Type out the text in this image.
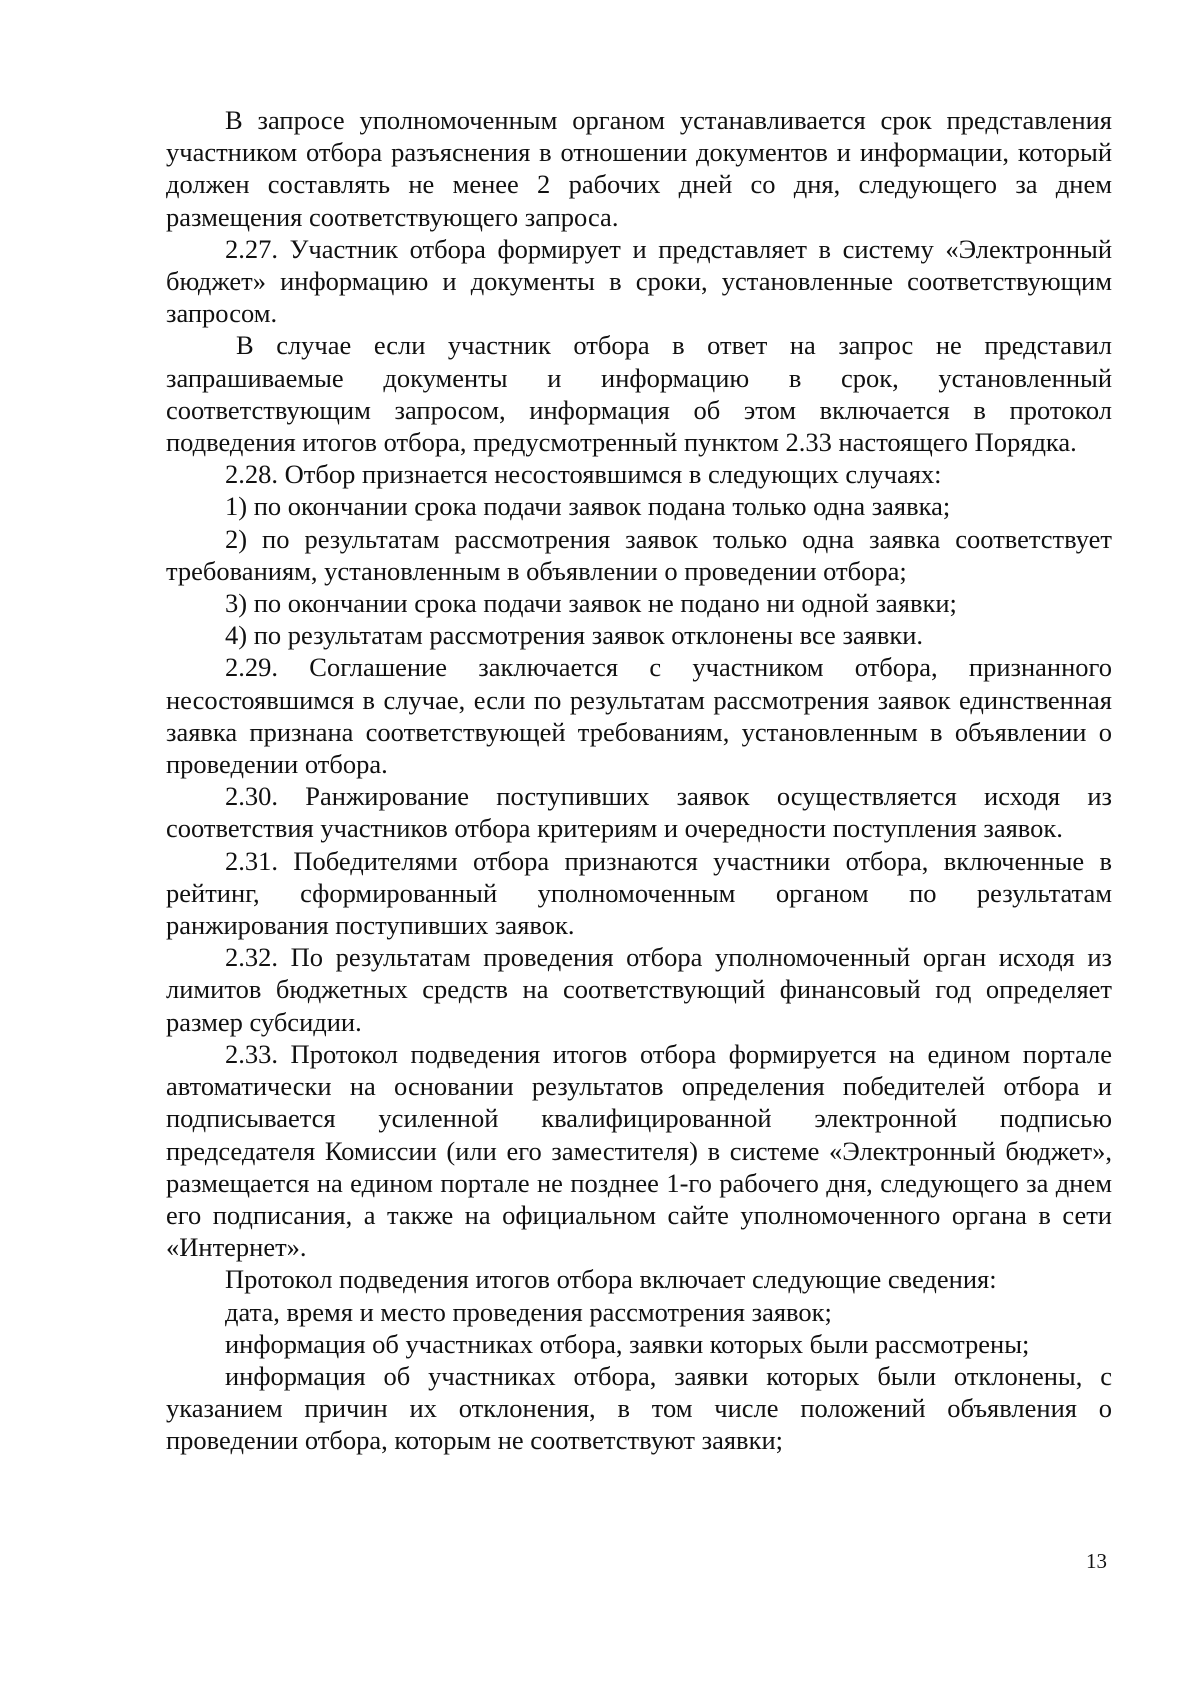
В запросе уполномоченным органом устанавливается срок представления участником отбора разъяснения в отношении документов и информации, который должен составлять не менее 2 рабочих дней со дня, следующего за днем размещения соответствующего запроса.

2.27. Участник отбора формирует и представляет в систему «Электронный бюджет» информацию и документы в сроки, установленные соответствующим запросом.

В случае если участник отбора в ответ на запрос не представил запрашиваемые документы и информацию в срок, установленный соответствующим запросом, информация об этом включается в протокол подведения итогов отбора, предусмотренный пунктом 2.33 настоящего Порядка.

2.28. Отбор признается несостоявшимся в следующих случаях:

1) по окончании срока подачи заявок подана только одна заявка;

2) по результатам рассмотрения заявок только одна заявка соответствует требованиям, установленным в объявлении о проведении отбора;

3) по окончании срока подачи заявок не подано ни одной заявки;

4) по результатам рассмотрения заявок отклонены все заявки.

2.29. Соглашение заключается с участником отбора, признанного несостоявшимся в случае, если по результатам рассмотрения заявок единственная заявка признана соответствующей требованиям, установленным в объявлении о проведении отбора.

2.30. Ранжирование поступивших заявок осуществляется исходя из соответствия участников отбора критериям и очередности поступления заявок.

2.31. Победителями отбора признаются участники отбора, включенные в рейтинг, сформированный уполномоченным органом по результатам ранжирования поступивших заявок.

2.32. По результатам проведения отбора уполномоченный орган исходя из лимитов бюджетных средств на соответствующий финансовый год определяет размер субсидии.

2.33. Протокол подведения итогов отбора формируется на едином портале автоматически на основании результатов определения победителей отбора и подписывается усиленной квалифицированной электронной подписью председателя Комиссии (или его заместителя) в системе «Электронный бюджет», размещается на едином портале не позднее 1-го рабочего дня, следующего за днем его подписания, а также на официальном сайте уполномоченного органа в сети «Интернет».

Протокол подведения итогов отбора включает следующие сведения:

дата, время и место проведения рассмотрения заявок;

информация об участниках отбора, заявки которых были рассмотрены;

информация об участниках отбора, заявки которых были отклонены, с указанием причин их отклонения, в том числе положений объявления о проведении отбора, которым не соответствуют заявки;

13
